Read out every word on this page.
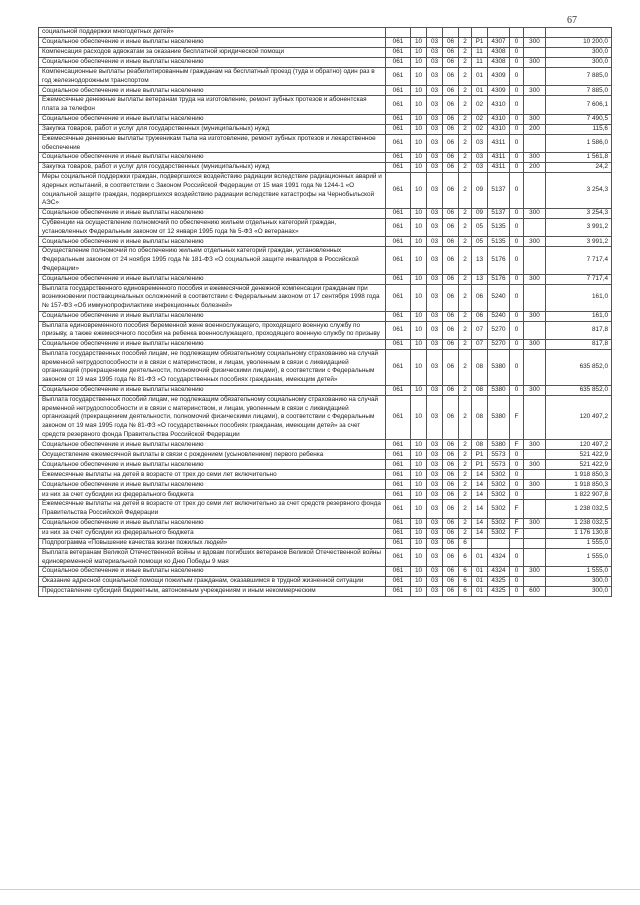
67
социальной поддержки многодетных детей»										
Социальное обеспечение и иные выплаты населению	061	10	03	06	2	Р1	4307	0	300	10 200,0
Компенсация расходов адвокатам за оказание бесплатной юридической помощи	061	10	03	06	2	11	4308	0		300,0
Социальное обеспечение и иные выплаты населению	061	10	03	06	2	11	4308	0	300	300,0
Компенсационные выплаты реабилитированным гражданам на бесплатный проезд (туда и обратно) один раз в год железнодорожным транспортом	061	10	03	06	2	01	4309	0		7 885,0
Социальное обеспечение и иные выплаты населению	061	10	03	06	2	01	4309	0	300	7 885,0
Ежемесячные денежные выплаты ветеранам труда на изготовление, ремонт зубных протезов и абонентская плата за телефон	061	10	03	06	2	02	4310	0		7 606,1
Социальное обеспечение и иные выплаты населению	061	10	03	06	2	02	4310	0	300	7 490,5
Закупка товаров, работ и услуг для государственных (муниципальных) нужд	061	10	03	06	2	02	4310	0	200	115,6
Ежемесячные денежные выплаты труженикам тыла на изготовление, ремонт зубных протезов и лекарственное обеспечение	061	10	03	06	2	03	4311	0		1 586,0
Социальное обеспечение и иные выплаты населению	061	10	03	06	2	03	4311	0	300	1 561,8
Закупка товаров, работ и услуг для государственных (муниципальных) нужд	061	10	03	06	2	03	4311	0	200	24,2
Меры социальной поддержки граждан, подвергшихся воздействию радиации вследствие радиационных аварий и ядерных испытаний, в соответствии с Законом Российской Федерации от 15 мая 1991 года № 1244-1 «О социальной защите граждан, подвергшихся воздействию радиации вследствие катастрофы на Чернобыльской АЭС»	061	10	03	06	2	09	5137	0		3 254,3
Социальное обеспечение и иные выплаты населению	061	10	03	06	2	09	5137	0	300	3 254,3
Субвенции на осуществление полномочий по обеспечению жильем отдельных категорий граждан, установленных Федеральным законом от 12 января 1995 года № 5-ФЗ «О ветеранах»	061	10	03	06	2	05	5135	0		3 991,2
Социальное обеспечение и иные выплаты населению	061	10	03	06	2	05	5135	0	300	3 991,2
Осуществление полномочий по обеспечению жильем отдельных категорий граждан, установленных Федеральным законом от 24 ноября 1995 года № 181-ФЗ «О социальной защите инвалидов в Российской Федерации»	061	10	03	06	2	13	5176	0		7 717,4
Социальное обеспечение и иные выплаты населению	061	10	03	06	2	13	5176	0	300	7 717,4
Выплата государственного единовременного пособия и ежемесячной денежной компенсации гражданам при возникновении поствакцинальных осложнений в соответствии с Федеральным законом от 17 сентября 1998 года № 157-ФЗ «Об иммунопрофилактике инфекционных болезней»	061	10	03	06	2	06	5240	0		161,0
Социальное обеспечение и иные выплаты населению	061	10	03	06	2	06	5240	0	300	161,0
Выплата единовременного пособия беременной жене военнослужащего, проходящего военную службу по призыву, а также ежемесячного пособия на ребенка военнослужащего, проходящего военную службу по призыву	061	10	03	06	2	07	5270	0		817,8
Социальное обеспечение и иные выплаты населению	061	10	03	06	2	07	5270	0	300	817,8
Выплата государственных пособий лицам, не подлежащим обязательному социальному страхованию на случай временной нетрудоспособности и в связи с материнством, и лицам, уволенным в связи с ликвидацией организаций (прекращением деятельности, полномочий физическими лицами), в соответствии с Федеральным законом от 19 мая 1995 года № 81-ФЗ «О государственных пособиях гражданам, имеющим детей»	061	10	03	06	2	08	5380	0		635 852,0
Социальное обеспечение и иные выплаты населению	061	10	03	06	2	08	5380	0	300	635 852,0
Выплата государственных пособий лицам, не подлежащим обязательному социальному страхованию на случай временной нетрудоспособности и в связи с материнством, и лицам, уволенным в связи с ликвидацией организаций (прекращением деятельности, полномочий физическими лицами), в соответствии с Федеральным законом от 19 мая 1995 года № 81-ФЗ «О государственных пособиях гражданам, имеющим детей» за счет средств резервного фонда Правительства Российской Федерации	061	10	03	06	2	08	5380	F		120 497,2
Социальное обеспечение и иные выплаты населению	061	10	03	06	2	08	5380	F	300	120 497,2
Осуществление ежемесячной выплаты в связи с рождением (усыновлением) первого ребенка	061	10	03	06	2	Р1	5573	0		521 422,9
Социальное обеспечение и иные выплаты населению	061	10	03	06	2	Р1	5573	0	300	521 422,9
Ежемесячные выплаты на детей в возрасте от трех до семи лет включительно	061	10	03	06	2	14	5302	0		1 918 850,3
Социальное обеспечение и иные выплаты населению	061	10	03	06	2	14	5302	0	300	1 918 850,3
из них за счет субсидии из федерального бюджета	061	10	03	06	2	14	5302	0		1 822 907,8
Ежемесячные выплаты на детей в возрасте от трех до семи лет включительно за счет средств резервного фонда Правительства Российской Федерации	061	10	03	06	2	14	5302	F		1 238 032,5
Социальное обеспечение и иные выплаты населению	061	10	03	06	2	14	5302	F	300	1 238 032,5
из них за счет субсидии из федерального бюджета	061	10	03	06	2	14	5302	F		1 176 130,8
Подпрограмма «Повышение качества жизни пожилых людей»	061	10	03	06	6					1 555,0
Выплата ветеранам Великой Отечественной войны и вдовам погибших ветеранов Великой Отечественной войны единовременной материальной помощи ко Дню Победы 9 мая	061	10	03	06	6	01	4324	0		1 555,0
Социальное обеспечение и иные выплаты населению	061	10	03	06	6	01	4324	0	300	1 555,0
Оказание адресной социальной помощи пожилым гражданам, оказавшимся в трудной жизненной ситуации	061	10	03	06	6	01	4325	0		300,0
Предоставление субсидий бюджетным, автономным учреждениям и иным некоммерческим	061	10	03	06	6	01	4325	0	600	300,0
